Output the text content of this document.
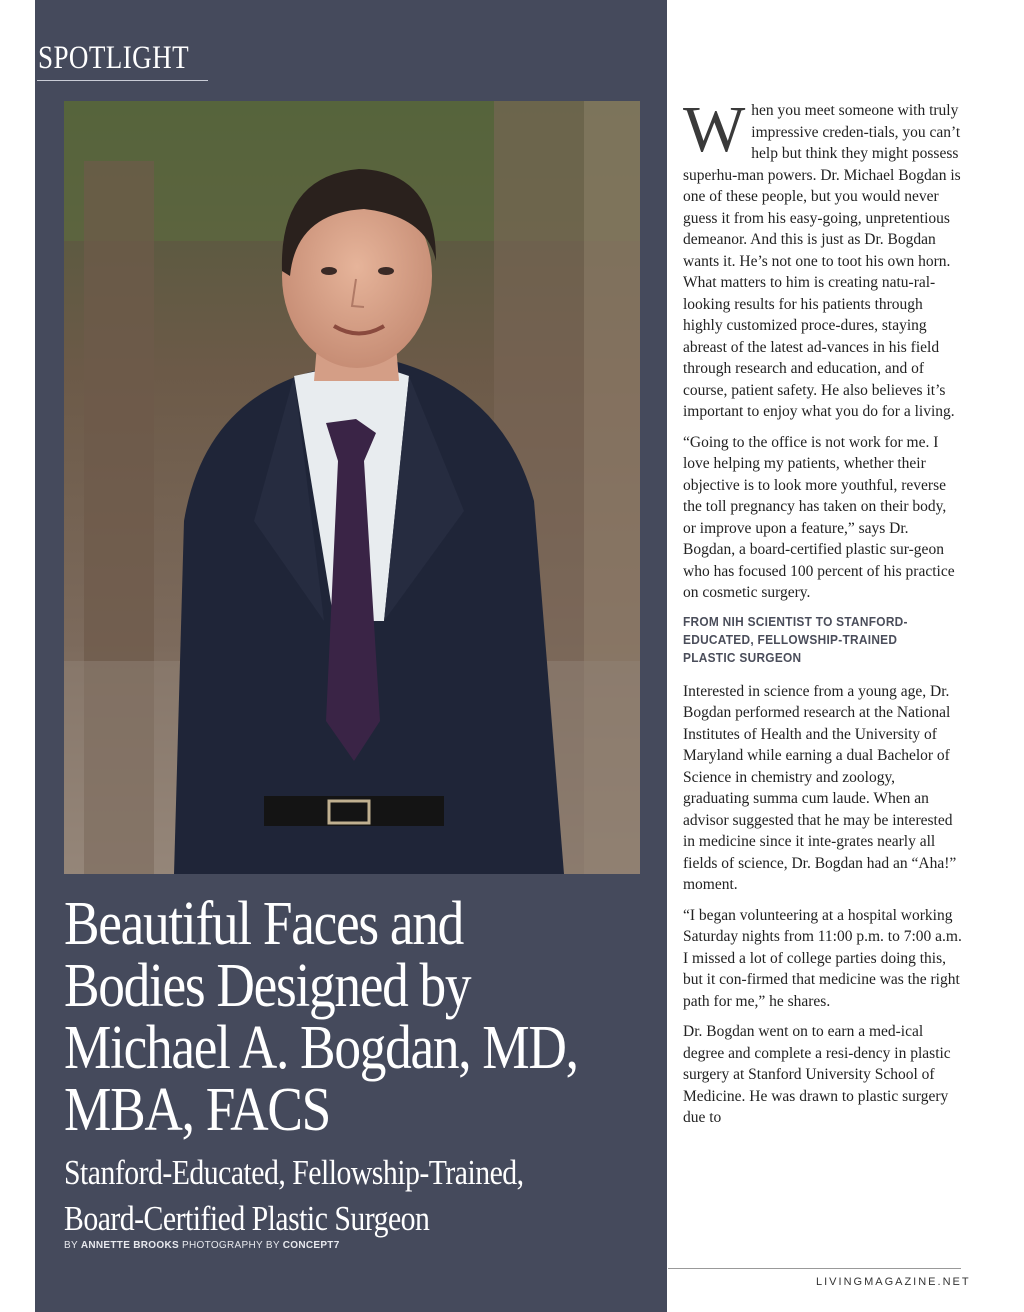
SPOTLIGHT
Beautiful Faces and
Bodies Designed by
Michael A. Bogdan, MD,
MBA, FACS
Stanford-Educated, Fellowship-Trained,
Board-Certified Plastic Surgeon
BY ANNETTE BROOKS PHOTOGRAPHY BY CONCEPT7

When you meet someone with truly impressive creden-tials, you can’t help but think they might possess superhu-man powers. Dr. Michael Bogdan is one of these people, but you would never guess it from his easy-going, unpretentious demeanor. And this is just as Dr. Bogdan wants it. He’s not one to toot his own horn. What matters to him is creating natu-ral-looking results for his patients through highly customized proce-dures, staying abreast of the latest ad-vances in his field through research and education, and of course, patient safety. He also believes it’s important to enjoy what you do for a living.

“Going to the office is not work for me. I love helping my patients, whether their objective is to look more youthful, reverse the toll pregnancy has taken on their body, or improve upon a feature,” says Dr. Bogdan, a board-certified plastic sur-geon who has focused 100 percent of his practice on cosmetic surgery.

FROM NIH SCIENTIST TO STANFORD-EDUCATED, FELLOWSHIP-TRAINED PLASTIC SURGEON

Interested in science from a young age, Dr. Bogdan performed research at the National Institutes of Health and the University of Maryland while earning a dual Bachelor of Science in chemistry and zoology, graduating summa cum laude. When an advisor suggested that he may be interested in medicine since it inte-grates nearly all fields of science, Dr. Bogdan had an “Aha!” moment.

“I began volunteering at a hospital working Saturday nights from 11:00 p.m. to 7:00 a.m. I missed a lot of college parties doing this, but it con-firmed that medicine was the right path for me,” he shares.

Dr. Bogdan went on to earn a med-ical degree and complete a resi-dency in plastic surgery at Stanford University School of Medicine. He was drawn to plastic surgery due to

LIVINGMAGAZINE.NET
